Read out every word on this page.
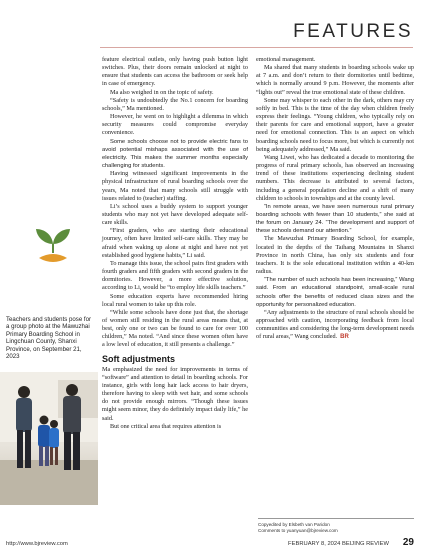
FEATURES
Teachers and students pose for a group photo at the Mawuzhai Primary Boarding School in Lingchuan County, Shanxi Province, on September 21, 2023

feature electrical outlets, only having push button light switches. Plus, their doors remain unlocked at night to ensure that students can access the bathroom or seek help in case of emergency.

Ma also weighed in on the topic of safety.

“Safety is undoubtedly the No.1 concern for boarding schools,” Ma mentioned.

However, he went on to highlight a dilemma in which security measures could compromise everyday convenience.

Some schools choose not to provide electric fans to avoid potential mishaps associated with the use of electricity. This makes the summer months especially challenging for students.

Having witnessed significant improvements in the physical infrastructure of rural boarding schools over the years, Ma noted that many schools still struggle with issues related to (teacher) staffing.

Li’s school uses a buddy system to support younger students who may not yet have developed adequate self-care skills.

“First graders, who are starting their educational journey, often have limited self-care skills. They may be afraid when waking up alone at night and have not yet established good hygiene habits,” Li said.

To manage this issue, the school pairs first graders with fourth graders and fifth graders with second graders in the dormitories. However, a more effective solution, according to Li, would be “to employ life skills teachers.”

Some education experts have recommended hiring local rural women to take up this role.

“While some schools have done just that, the shortage of women still residing in the rural areas means that, at best, only one or two can be found to care for over 100 children,” Ma noted. “And since these women often have a low level of education, it still presents a challenge.”

Soft adjustments

Ma emphasized the need for improvements in terms of “software” and attention to detail in boarding schools. For instance, girls with long hair lack access to hair dryers, therefore having to sleep with wet hair, and some schools do not provide enough mirrors. “Though these issues might seem minor, they do definitely impact daily life,” he said.

But one critical area that requires attention is

emotional management.

Ma shared that many students in boarding schools wake up at 7 a.m. and don’t return to their dormitories until bedtime, which is normally around 9 p.m. However, the moments after “lights out” reveal the true emotional state of these children.

Some may whisper to each other in the dark, others may cry softly in bed. This is the time of the day when children freely express their feelings. “Young children, who typically rely on their parents for care and emotional support, have a greater need for emotional connection. This is an aspect on which boarding schools need to focus more, but which is currently not being adequately addressed,” Ma said.

Wang Liwei, who has dedicated a decade to monitoring the progress of rural primary schools, has observed an increasing trend of these institutions experiencing declining student numbers. This decrease is attributed to several factors, including a general population decline and a shift of many children to schools in townships and at the county level.

“In remote areas, we have seen numerous rural primary boarding schools with fewer than 10 students,” she said at the forum on January 24. “The development and support of these schools demand our attention.”

The Mawuzhai Primary Boarding School, for example, located in the depths of the Taihang Mountains in Shanxi Province in north China, has only six students and four teachers. It is the sole educational institution within a 40-km radius.

“The number of such schools has been increasing,” Wang said. From an educational standpoint, small-scale rural schools offer the benefits of reduced class sizes and the opportunity for personalized education.

“Any adjustments to the structure of rural schools should be approached with caution, incorporating feedback from local communities and considering the long-term development needs of rural areas,” Wang concluded. BR

Copyedited by Elsbeth van Paridon
Comments to yuanyuan@bjreview.com
http://www.bjreview.com	FEBRUARY 8, 2024 BEIJING REVIEW 29
